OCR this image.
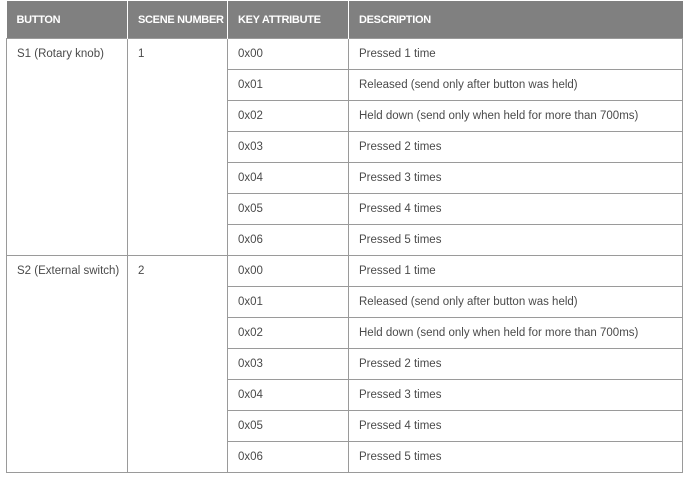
BUTTON	SCENE NUMBER	KEY ATTRIBUTE	DESCRIPTION
S1 (Rotary knob)	1	0x00	Pressed 1 time
		0x01	Released (send only after button was held)
		0x02	Held down (send only when held for more than 700ms)
		0x03	Pressed 2 times
		0x04	Pressed 3 times
		0x05	Pressed 4 times
		0x06	Pressed 5 times
S2 (External switch)	2	0x00	Pressed 1 time
		0x01	Released (send only after button was held)
		0x02	Held down (send only when held for more than 700ms)
		0x03	Pressed 2 times
		0x04	Pressed 3 times
		0x05	Pressed 4 times
		0x06	Pressed 5 times
